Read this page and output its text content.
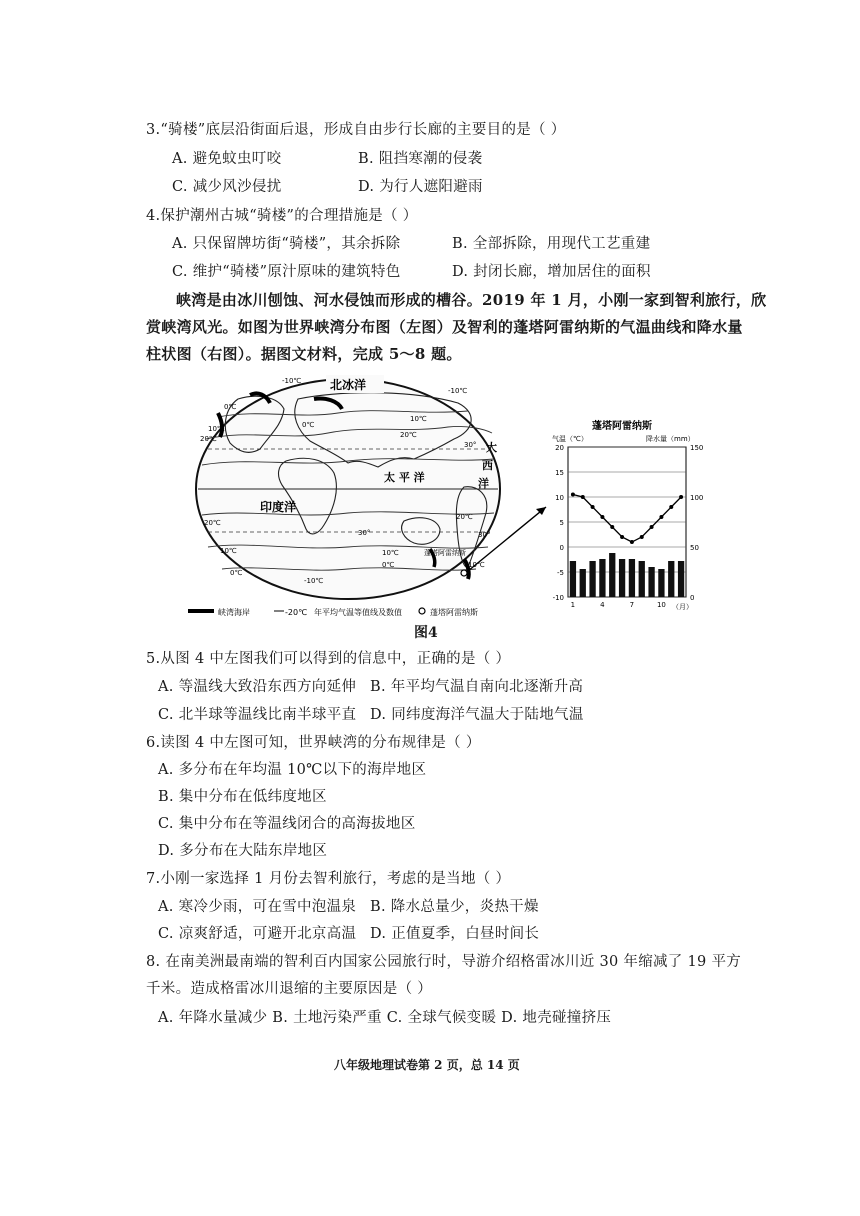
3.“骑楼”底层沿街面后退，形成自由步行长廊的主要目的是（ ）
A. 避免蚊虫叮咬	B. 阻挡寒潮的侵袭
C. 减少风沙侵扰	D. 为行人遮阳避雨
4.保护潮州古城“骑楼”的合理措施是（ ）
A. 只保留牌坊街“骑楼”，其余拆除	B. 全部拆除，用现代工艺重建
C. 维护“骑楼”原汁原味的建筑特色	D. 封闭长廊，增加居住的面积
峡湾是由冰川刨蚀、河水侵蚀而形成的槽谷。2019 年 1 月，小刚一家到智利旅行，欣
赏峡湾风光。如图为世界峡湾分布图（左图）及智利的蓬塔阿雷纳斯的气温曲线和降水量
柱状图（右图）。据图文材料，完成 5～8 题。
北冰洋
太 平 洋
印度洋
大
西
洋
-10℃
-10℃
0℃
0℃
10℃
10℃
20℃	20℃
20℃
20℃
10℃
0℃
-10℃
10℃
0℃	10℃
30°
30°	30°
蓬塔阿雷纳斯
峡湾海岸	-20℃ 年平均气温等值线及数值	蓬塔阿雷纳斯
蓬塔阿雷纳斯
气温（℃）	降水量（mm）
-10
-5
0
5
10
15
20
0
50
100
150
1	4	7	10 （月）
图4
5.从图 4 中左图我们可以得到的信息中，正确的是（ ）
A. 等温线大致沿东西方向延伸 B. 年平均气温自南向北逐渐升高
C. 北半球等温线比南半球平直 D. 同纬度海洋气温大于陆地气温
6.读图 4 中左图可知，世界峡湾的分布规律是（ ）
A. 多分布在年均温 10℃以下的海岸地区
B. 集中分布在低纬度地区
C. 集中分布在等温线闭合的高海拔地区
D. 多分布在大陆东岸地区
7.小刚一家选择 1 月份去智利旅行，考虑的是当地（ ）
A. 寒冷少雨，可在雪中泡温泉 B. 降水总量少，炎热干燥
C. 凉爽舒适，可避开北京高温 D. 正值夏季，白昼时间长
8. 在南美洲最南端的智利百内国家公园旅行时，导游介绍格雷冰川近 30 年缩减了 19 平方
千米。造成格雷冰川退缩的主要原因是（ ）
A. 年降水量减少 B. 土地污染严重 C. 全球气候变暖 D. 地壳碰撞挤压
八年级地理试卷第 2 页，总 14 页
